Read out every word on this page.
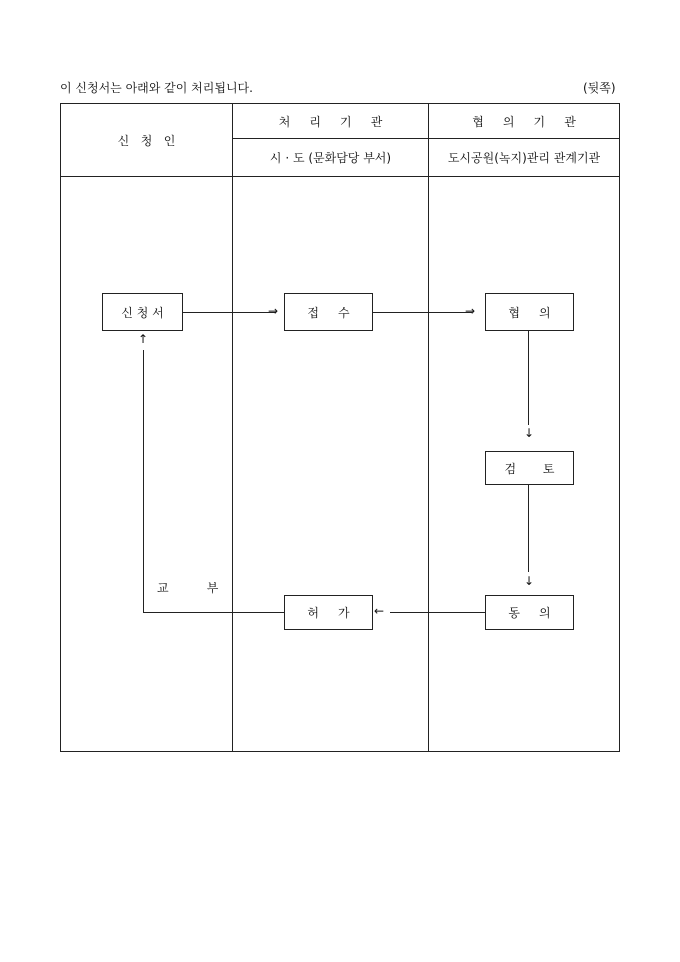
이 신청서는 아래와 같이 처리됩니다.	(뒷쪽)
→	→
↓
↓
←
↑
신   청   인
처     리     기     관	협     의     기     관
시 · 도 (문화담당 부서)	도시공원(녹지)관리 관계기관
신 청 서	접     수	협     의
검       토
동     의
허     가
교          부
